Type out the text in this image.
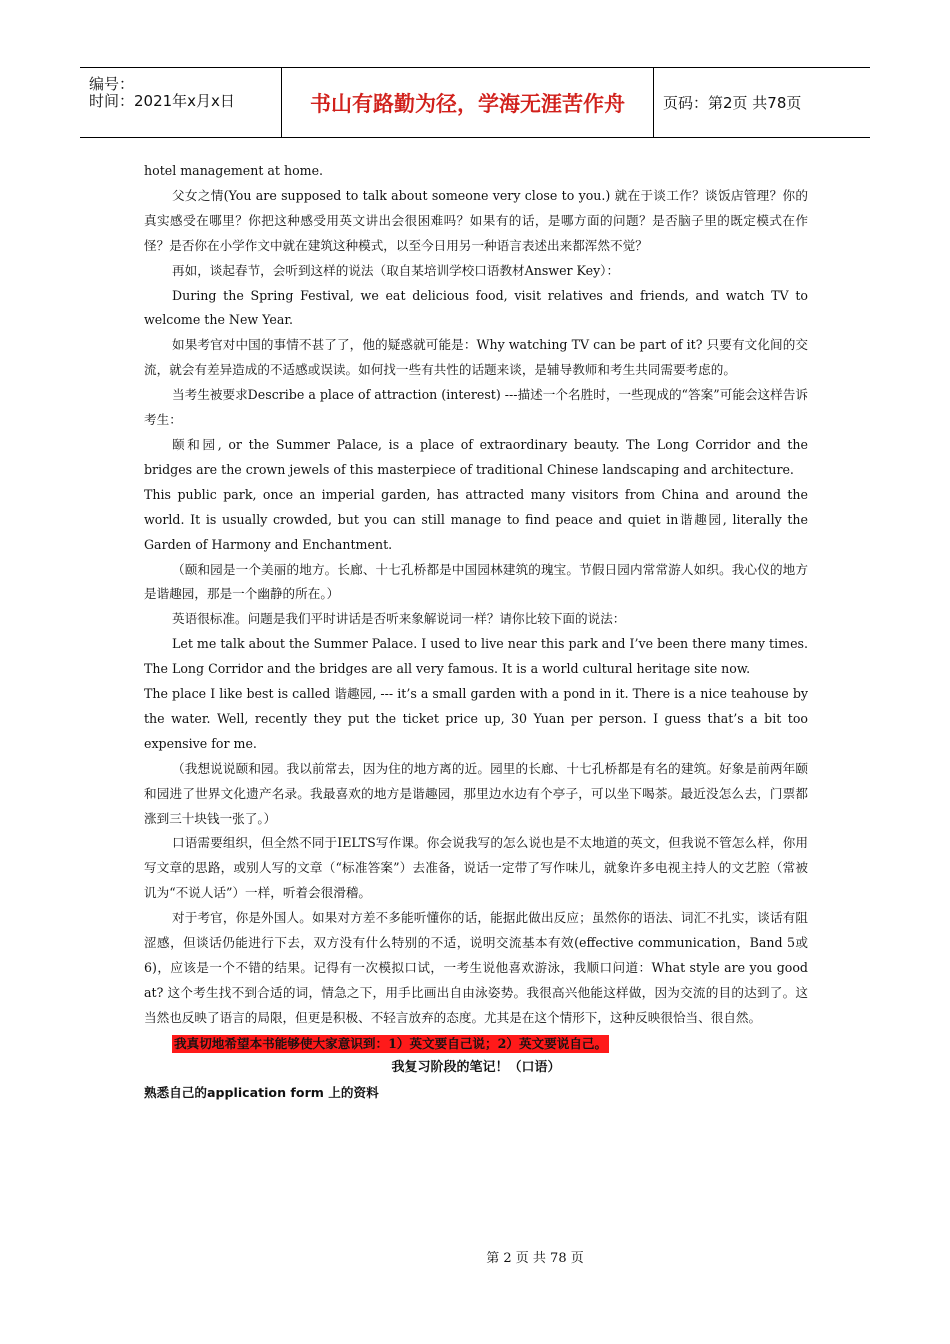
编号：
时间：2021年x月x日	书山有路勤为径，学海无涯苦作舟	页码：第2页 共78页

hotel management at home.

父女之情(You are supposed to talk about someone very close to you.) 就在于谈工作？谈饭店管理？你的真实感受在哪里？你把这种感受用英文讲出会很困难吗？如果有的话，是哪方面的问题？是否脑子里的既定模式在作怪？是否你在小学作文中就在建筑这种模式，以至今日用另一种语言表述出来都浑然不觉？

再如，谈起春节，会听到这样的说法（取自某培训学校口语教材Answer Key）：

During the Spring Festival, we eat delicious food, visit relatives and friends, and watch TV to welcome the New Year.

如果考官对中国的事情不甚了了，他的疑惑就可能是：Why watching TV can be part of it? 只要有文化间的交流，就会有差异造成的不适感或误读。如何找一些有共性的话题来谈，是辅导教师和考生共同需要考虑的。

当考生被要求Describe a place of attraction (interest) ---描述一个名胜时，一些现成的“答案”可能会这样告诉考生：

颐和园, or the Summer Palace, is a place of extraordinary beauty. The Long Corridor and the bridges are the crown jewels of this masterpiece of traditional Chinese landscaping and architecture.

This public park, once an imperial garden, has attracted many visitors from China and around the world. It is usually crowded, but you can still manage to find peace and quiet in谐趣园, literally the Garden of Harmony and Enchantment.

（颐和园是一个美丽的地方。长廊、十七孔桥都是中国园林建筑的瑰宝。节假日园内常常游人如织。我心仪的地方是谐趣园，那是一个幽静的所在。）

英语很标准。问题是我们平时讲话是否听来象解说词一样？请你比较下面的说法：

Let me talk about the Summer Palace. I used to live near this park and I’ve been there many times. The Long Corridor and the bridges are all very famous. It is a world cultural heritage site now.

The place I like best is called 谐趣园, --- it’s a small garden with a pond in it. There is a nice teahouse by the water. Well, recently they put the ticket price up, 30 Yuan per person. I guess that’s a bit too expensive for me.

（我想说说颐和园。我以前常去，因为住的地方离的近。园里的长廊、十七孔桥都是有名的建筑。好象是前两年颐和园进了世界文化遗产名录。我最喜欢的地方是谐趣园，那里边水边有个亭子，可以坐下喝茶。最近没怎么去，门票都涨到三十块钱一张了。）

口语需要组织，但全然不同于IELTS写作课。你会说我写的怎么说也是不太地道的英文，但我说不管怎么样，你用写文章的思路，或别人写的文章（“标准答案”）去准备，说话一定带了写作味儿，就象许多电视主持人的文艺腔（常被讥为“不说人话”）一样，听着会很滑稽。

对于考官，你是外国人。如果对方差不多能听懂你的话，能据此做出反应；虽然你的语法、词汇不扎实，谈话有阻涩感，但谈话仍能进行下去，双方没有什么特别的不适，说明交流基本有效(effective communication，Band 5或6)，应该是一个不错的结果。记得有一次模拟口试，一考生说他喜欢游泳，我顺口问道：What style are you good at? 这个考生找不到合适的词，情急之下，用手比画出自由泳姿势。我很高兴他能这样做，因为交流的目的达到了。这当然也反映了语言的局限，但更是积极、不轻言放弃的态度。尤其是在这个情形下，这种反映很恰当、很自然。

我真切地希望本书能够使大家意识到：1）英文要自己说；2）英文要说自己。

我复习阶段的笔记！（口语）

熟悉自己的application form 上的资料

第 2 页 共 78 页
